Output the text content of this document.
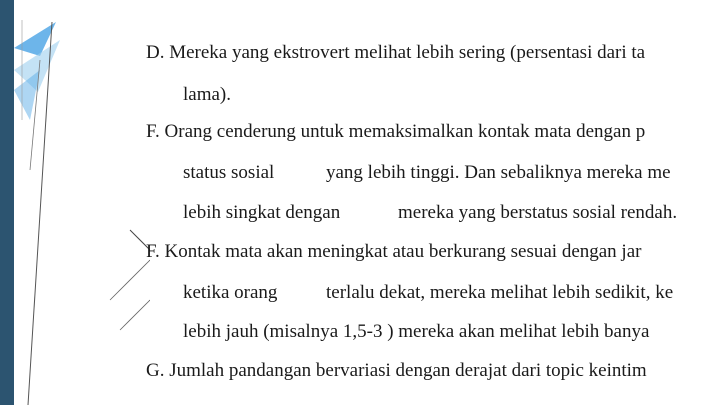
D. Mereka yang ekstrovert melihat lebih sering (persentasi dari ta
lama).
F. Orang cenderung untuk memaksimalkan kontak mata dengan p
status sosial	yang lebih tinggi. Dan sebaliknya mereka me
lebih singkat dengan	mereka yang berstatus sosial rendah.
F. Kontak mata akan meningkat atau berkurang sesuai dengan jar
ketika orang	terlalu dekat, mereka melihat lebih sedikit, ke
lebih jauh (misalnya 1,5-3 ) mereka akan melihat lebih banya
G. Jumlah pandangan bervariasi dengan derajat dari topic keintim
